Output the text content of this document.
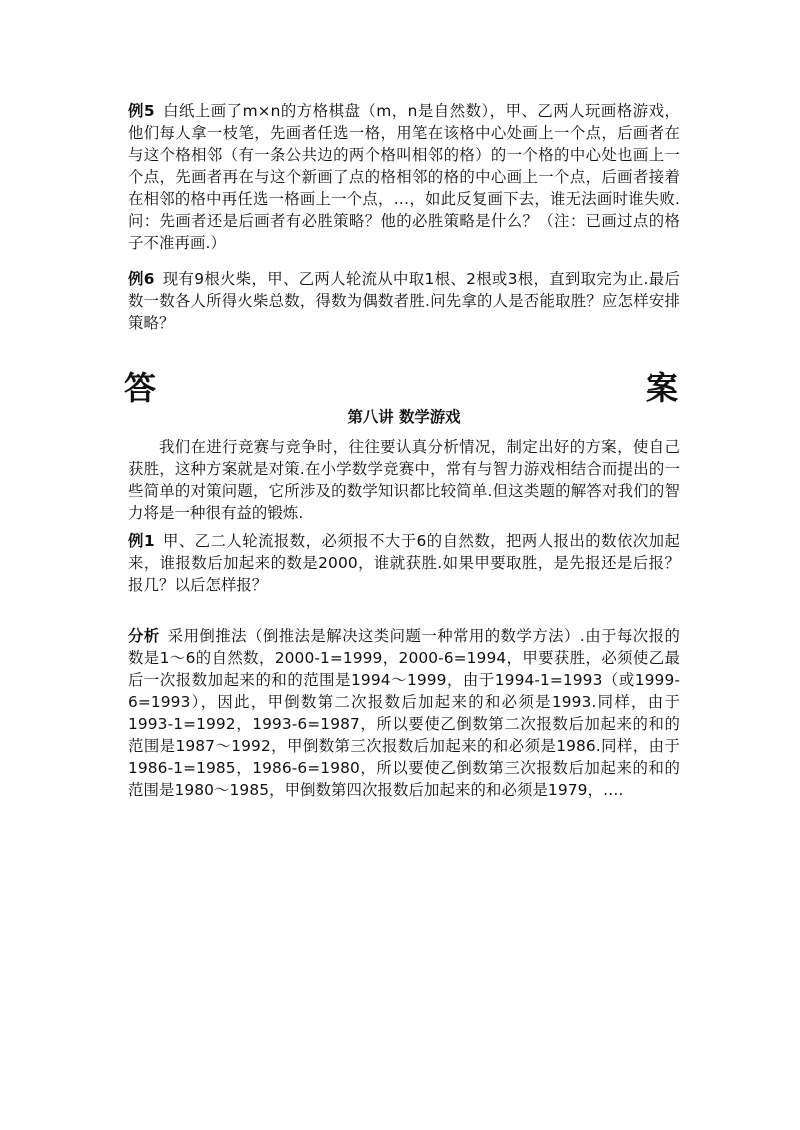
例5 白纸上画了m×n的方格棋盘（m，n是自然数），甲、乙两人玩画格游戏，他们每人拿一枝笔，先画者任选一格，用笔在该格中心处画上一个点，后画者在与这个格相邻（有一条公共边的两个格叫相邻的格）的一个格的中心处也画上一个点，先画者再在与这个新画了点的格相邻的格的中心画上一个点，后画者接着在相邻的格中再任选一格画上一个点，…，如此反复画下去，谁无法画时谁失败.问：先画者还是后画者有必胜策略？他的必胜策略是什么？（注：已画过点的格子不准再画.）

例6 现有9根火柴，甲、乙两人轮流从中取1根、2根或3根，直到取完为止.最后数一数各人所得火柴总数，得数为偶数者胜.问先拿的人是否能取胜？应怎样安排策略？

答	案

第八讲 数学游戏

我们在进行竞赛与竞争时，往往要认真分析情况，制定出好的方案，使自己获胜，这种方案就是对策.在小学数学竞赛中，常有与智力游戏相结合而提出的一些简单的对策问题，它所涉及的数学知识都比较简单.但这类题的解答对我们的智力将是一种很有益的锻炼.

例1 甲、乙二人轮流报数，必须报不大于6的自然数，把两人报出的数依次加起来，谁报数后加起来的数是2000，谁就获胜.如果甲要取胜，是先报还是后报？报几？以后怎样报？

分析 采用倒推法（倒推法是解决这类问题一种常用的数学方法）.由于每次报的数是1～6的自然数，2000-1=1999，2000-6=1994，甲要获胜，必须使乙最后一次报数加起来的和的范围是1994～1999，由于1994-1=1993（或1999-6=1993），因此，甲倒数第二次报数后加起来的和必须是1993.同样，由于1993-1=1992，1993-6=1987，所以要使乙倒数第二次报数后加起来的和的范围是1987～1992，甲倒数第三次报数后加起来的和必须是1986.同样，由于1986-1=1985，1986-6=1980，所以要使乙倒数第三次报数后加起来的和的范围是1980～1985，甲倒数第四次报数后加起来的和必须是1979，….
